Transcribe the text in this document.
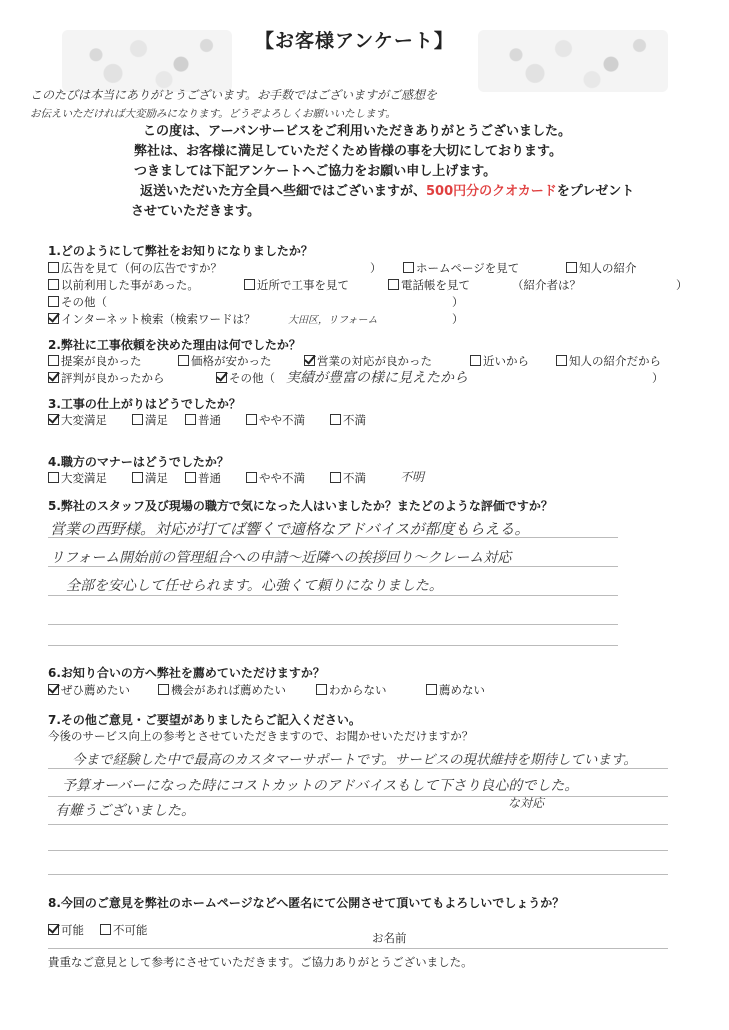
【お客様アンケート】
このたびは本当にありがとうございます。お手数ではございますがご感想を
お伝えいただければ大変励みになります。どうぞよろしくお願いいたします。
この度は、アーバンサービスをご利用いただきありがとうございました。
弊社は、お客様に満足していただくため皆様の事を大切にしております。
つきましては下記アンケートへご協力をお願い申し上げます。
返送いただいた方全員へ些細ではございますが、500円分のクオカードをプレゼント
させていただきます。
1.どのようにして弊社をお知りになりましたか？
広告を見て（何の広告ですか？	）	ホームページを見て	知人の紹介
以前利用した事があった。	近所で工事を見て	電話帳を見て	（紹介者は？	）
その他（	）
インターネット検索（検索ワードは？	大田区，リフォーム	）
2.弊社に工事依頼を決めた理由は何でしたか？
提案が良かった	価格が安かった	営業の対応が良かった	近いから	知人の紹介だから
評判が良かったから	その他（ 実績が豊富の様に見えたから	）
3.工事の仕上がりはどうでしたか？
大変満足	満足	普通	やや不満	不満
4.職方のマナーはどうでしたか？
大変満足	満足	普通	やや不満	不満	不明
5.弊社のスタッフ及び現場の職方で気になった人はいましたか？またどのような評価ですか？
営業の西野様。対応が打てば響くで適格なアドバイスが都度もらえる。
リフォーム開始前の管理組合への申請～近隣への挨拶回り～クレーム対応
全部を安心して任せられます。心強くて頼りになりました。
6.お知り合いの方へ弊社を薦めていただけますか？
ぜひ薦めたい	機会があれば薦めたい	わからない	薦めない
7.その他ご意見・ご要望がありましたらご記入ください。
今後のサービス向上の参考とさせていただきますので、お聞かせいただけますか？
今まで経験した中で最高のカスタマーサポートです。サービスの現状維持を期待しています。
予算オーバーになった時にコストカットのアドバイスもして下さり良心的でした。
有難うございました。	な対応
8.今回のご意見を弊社のホームページなどへ匿名にて公開させて頂いてもよろしいでしょうか？
可能	不可能
お名前
貴重なご意見として参考にさせていただきます。ご協力ありがとうございました。
